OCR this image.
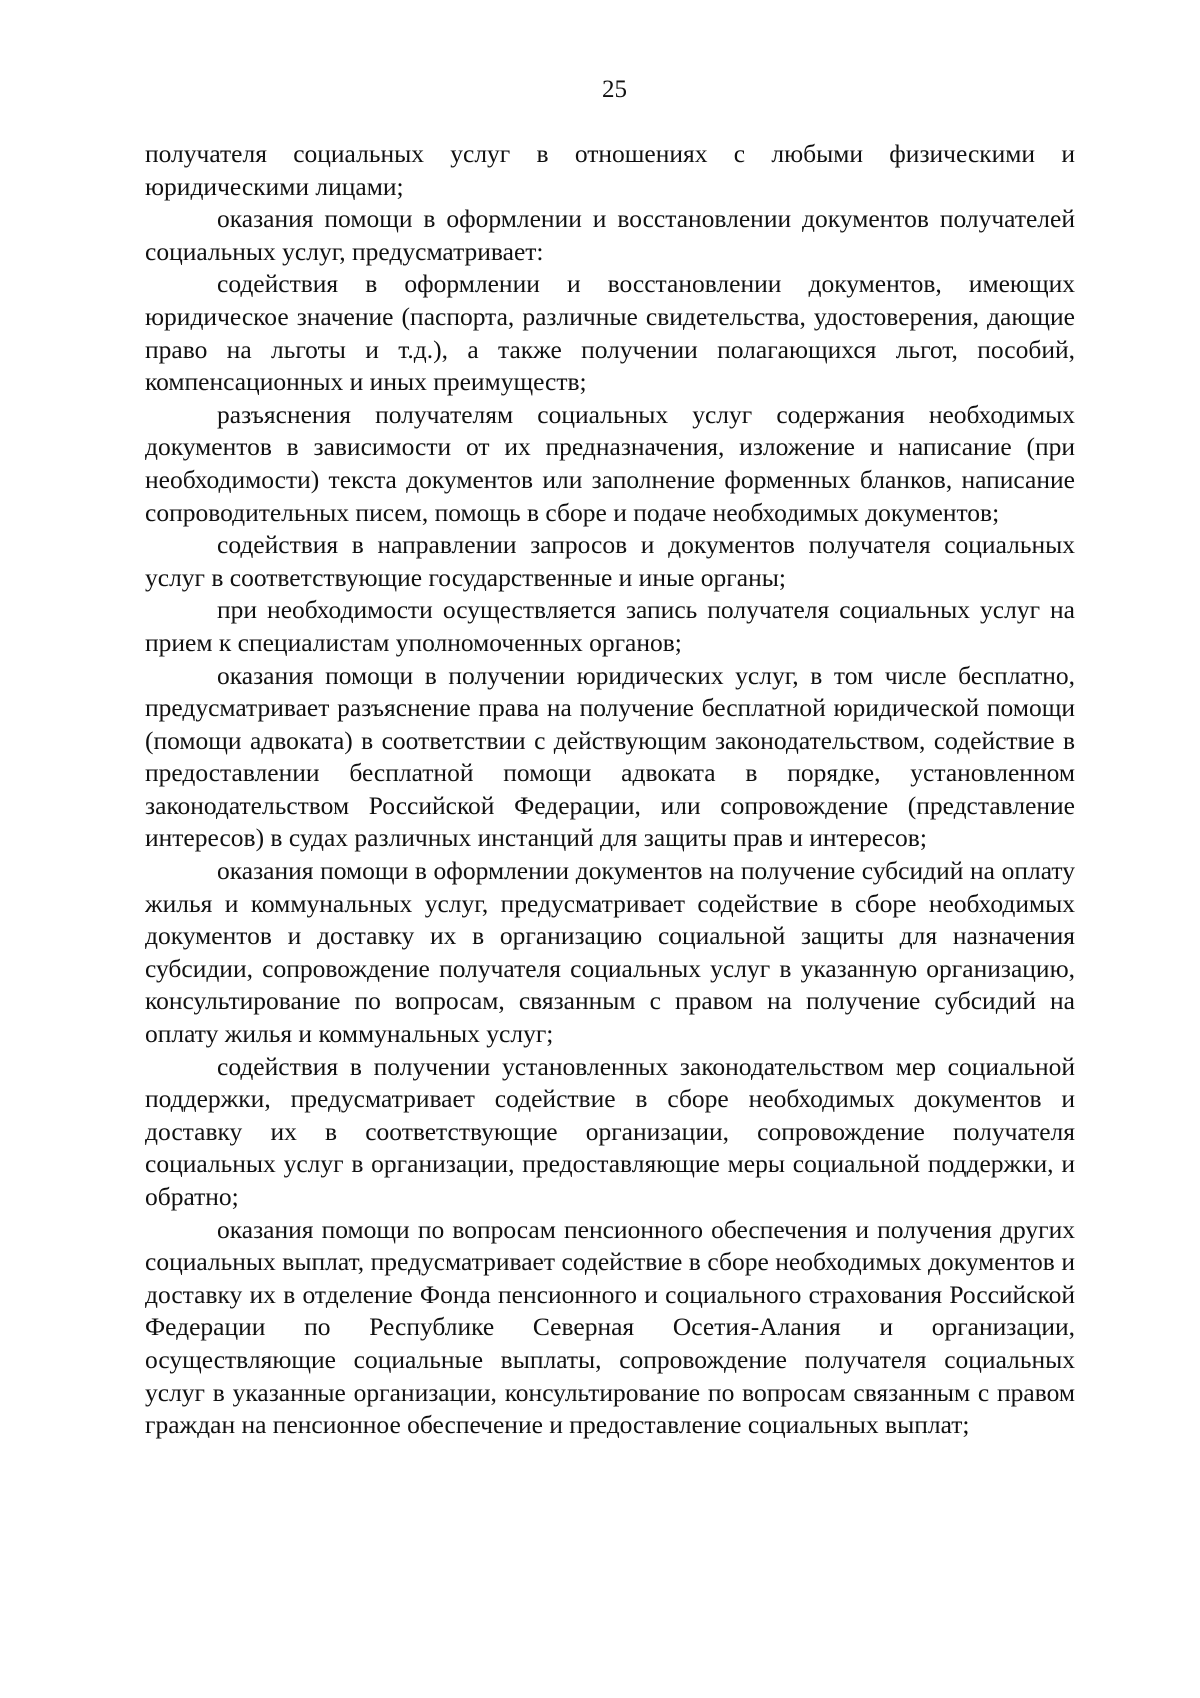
25

получателя социальных услуг в отношениях с любыми физическими и юридическими лицами;

оказания помощи в оформлении и восстановлении документов получателей социальных услуг, предусматривает:

содействия в оформлении и восстановлении документов, имеющих юридическое значение (паспорта, различные свидетельства, удостоверения, дающие право на льготы и т.д.), а также получении полагающихся льгот, пособий, компенсационных и иных преимуществ;

разъяснения получателям социальных услуг содержания необходимых документов в зависимости от их предназначения, изложение и написание (при необходимости) текста документов или заполнение форменных бланков, написание сопроводительных писем, помощь в сборе и подаче необходимых документов;

содействия в направлении запросов и документов получателя социальных услуг в соответствующие государственные и иные органы;

при необходимости осуществляется запись получателя социальных услуг на прием к специалистам уполномоченных органов;

оказания помощи в получении юридических услуг, в том числе бесплатно, предусматривает разъяснение права на получение бесплатной юридической помощи (помощи адвоката) в соответствии с действующим законодательством, содействие в предоставлении бесплатной помощи адвоката в порядке, установленном законодательством Российской Федерации, или сопровождение (представление интересов) в судах различных инстанций для защиты прав и интересов;

оказания помощи в оформлении документов на получение субсидий на оплату жилья и коммунальных услуг, предусматривает содействие в сборе необходимых документов и доставку их в организацию социальной защиты для назначения субсидии, сопровождение получателя социальных услуг в указанную организацию, консультирование по вопросам, связанным с правом на получение субсидий на оплату жилья и коммунальных услуг;

содействия в получении установленных законодательством мер социальной поддержки, предусматривает содействие в сборе необходимых документов и доставку их в соответствующие организации, сопровождение получателя социальных услуг в организации, предоставляющие меры социальной поддержки, и обратно;

оказания помощи по вопросам пенсионного обеспечения и получения других социальных выплат, предусматривает содействие в сборе необходимых документов и доставку их в отделение Фонда пенсионного и социального страхования Российской Федерации по Республике Северная Осетия-Алания и организации, осуществляющие социальные выплаты, сопровождение получателя социальных услуг в указанные организации, консультирование по вопросам связанным с правом граждан на пенсионное обеспечение и предоставление социальных выплат;
